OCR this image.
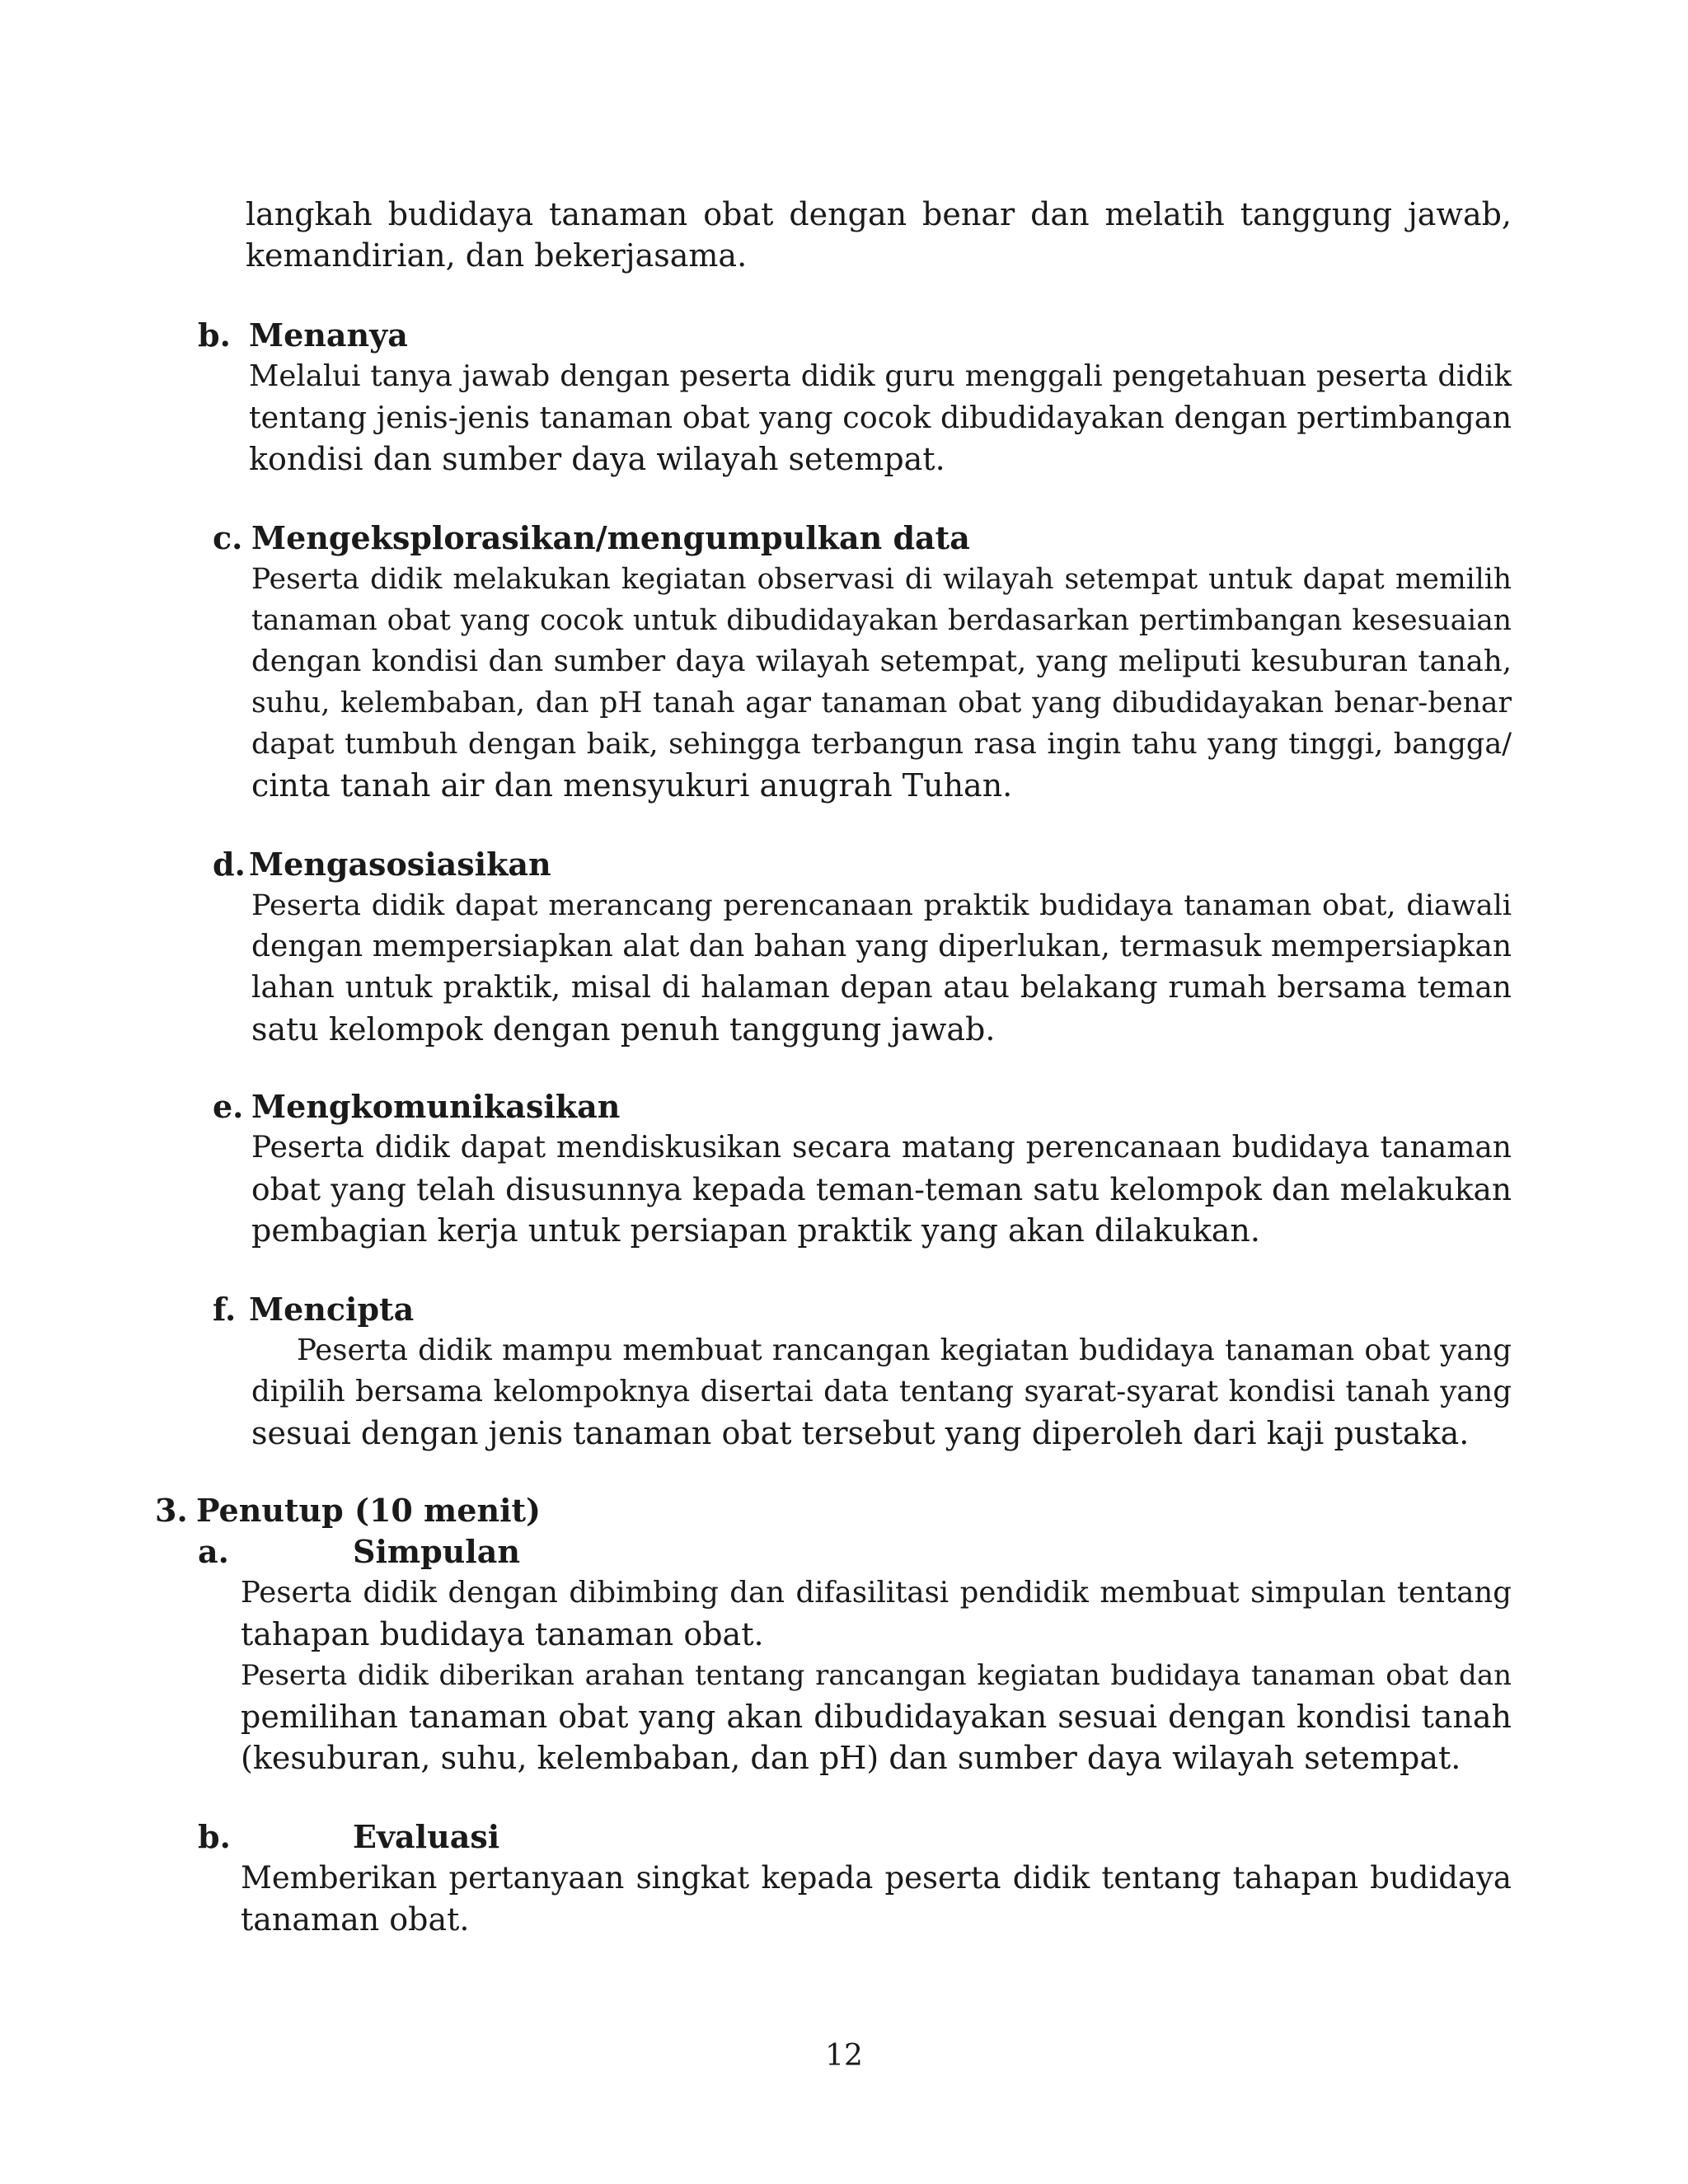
langkah budidaya tanaman obat dengan benar dan melatih tanggung jawab,
kemandirian, dan bekerjasama.
b. Menanya
Melalui tanya jawab dengan peserta didik guru menggali pengetahuan peserta didik
tentang jenis-jenis tanaman obat yang cocok dibudidayakan dengan pertimbangan
kondisi dan sumber daya wilayah setempat.
c. Mengeksplorasikan/mengumpulkan data
Peserta didik melakukan kegiatan observasi di wilayah setempat untuk dapat memilih
tanaman obat yang cocok untuk dibudidayakan berdasarkan pertimbangan kesesuaian
dengan kondisi dan sumber daya wilayah setempat, yang meliputi kesuburan tanah,
suhu, kelembaban, dan pH tanah agar tanaman obat yang dibudidayakan benar-benar
dapat tumbuh dengan baik, sehingga terbangun rasa ingin tahu yang tinggi, bangga/
cinta tanah air dan mensyukuri anugrah Tuhan.
d. Mengasosiasikan
Peserta didik dapat merancang perencanaan praktik budidaya tanaman obat, diawali
dengan mempersiapkan alat dan bahan yang diperlukan, termasuk mempersiapkan
lahan untuk praktik, misal di halaman depan atau belakang rumah bersama teman
satu kelompok dengan penuh tanggung jawab.
e. Mengkomunikasikan
Peserta didik dapat mendiskusikan secara matang perencanaan budidaya tanaman
obat yang telah disusunnya kepada teman-teman satu kelompok dan melakukan
pembagian kerja untuk persiapan praktik yang akan dilakukan.
f. Mencipta
Peserta didik mampu membuat rancangan kegiatan budidaya tanaman obat yang
dipilih bersama kelompoknya disertai data tentang syarat-syarat kondisi tanah yang
sesuai dengan jenis tanaman obat tersebut yang diperoleh dari kaji pustaka.
3. Penutup (10 menit)
a.	Simpulan
Peserta didik dengan dibimbing dan difasilitasi pendidik membuat simpulan tentang
tahapan budidaya tanaman obat.
Peserta didik diberikan arahan tentang rancangan kegiatan budidaya tanaman obat dan
pemilihan tanaman obat yang akan dibudidayakan sesuai dengan kondisi tanah
(kesuburan, suhu, kelembaban, dan pH) dan sumber daya wilayah setempat.
b.	Evaluasi
Memberikan pertanyaan singkat kepada peserta didik tentang tahapan budidaya
tanaman obat.
12
